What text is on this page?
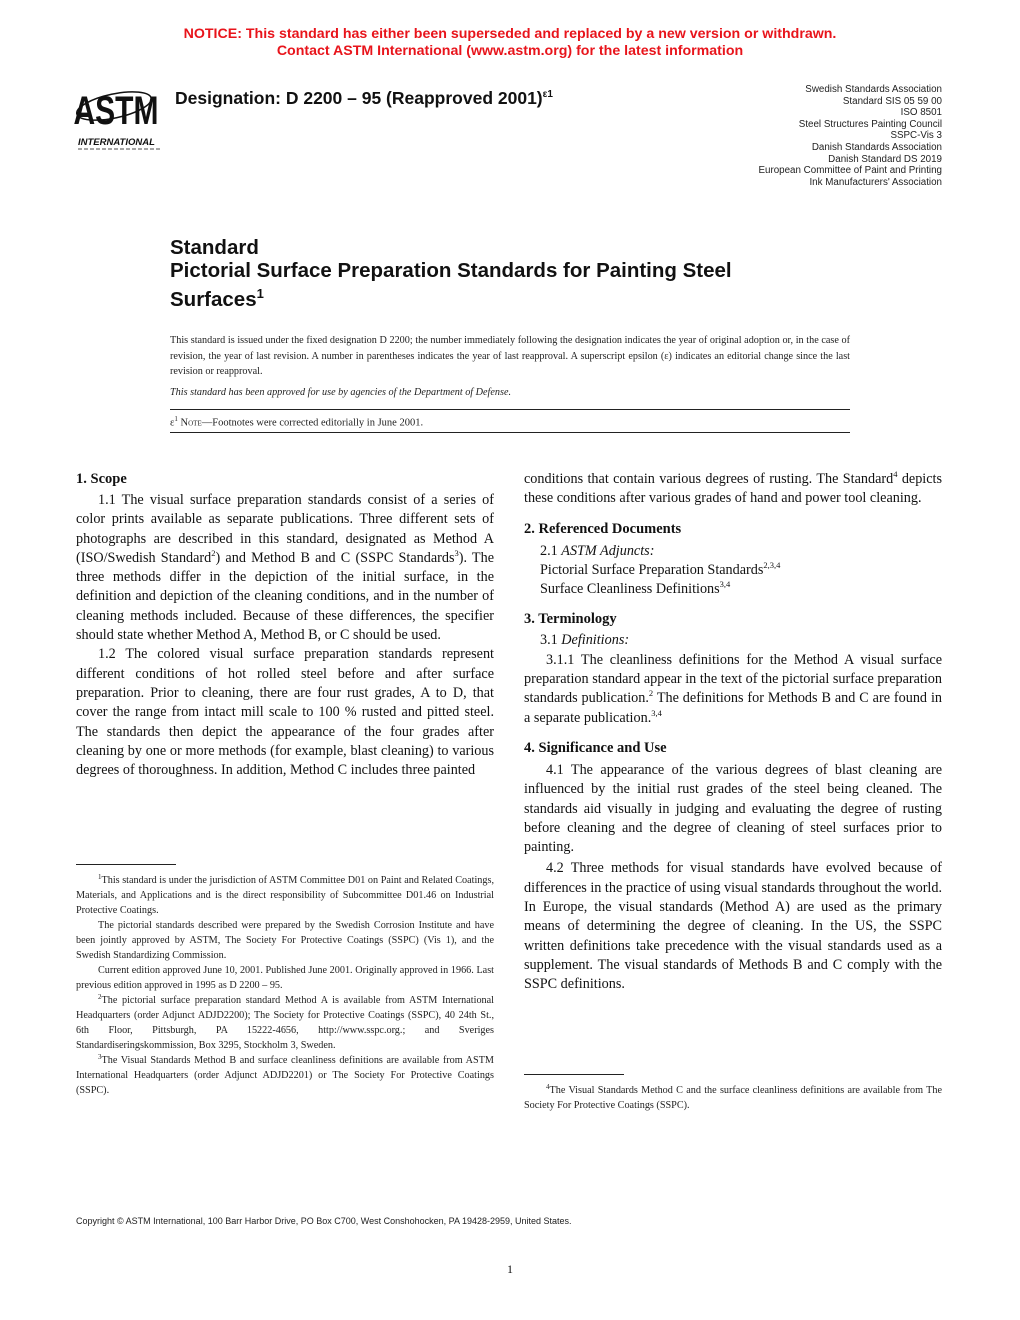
NOTICE: This standard has either been superseded and replaced by a new version or withdrawn.
Contact ASTM International (www.astm.org) for the latest information
ASTM
INTERNATIONAL
Designation: D 2200 – 95 (Reapproved 2001)$^{\varepsilon 1}$	Swedish Standards Association
Standard SIS 05 59 00
ISO 8501
Steel Structures Painting Council
SSPC-Vis 3
Danish Standards Association
Danish Standard DS 2019
European Committee of Paint and Printing
Ink Manufacturers' Association
Standard
Pictorial Surface Preparation Standards for Painting Steel
Surfaces$^1$
This standard is issued under the fixed designation D 2200; the number immediately following the designation indicates the year of original adoption or, in the case of revision, the year of last revision. A number in parentheses indicates the year of last reapproval. A superscript epsilon (ε) indicates an editorial change since the last revision or reapproval.
This standard has been approved for use by agencies of the Department of Defense.
$\varepsilon^1$ Note—Footnotes were corrected editorially in June 2001.
1. Scope

1.1 The visual surface preparation standards consist of a series of color prints available as separate publications. Three different sets of photographs are described in this standard, designated as Method A (ISO/Swedish Standard$^2$) and Method B and C (SSPC Standards$^3$). The three methods differ in the depiction of the initial surface, in the definition and depiction of the cleaning conditions, and in the number of cleaning methods included. Because of these differences, the specifier should state whether Method A, Method B, or C should be used.

1.2 The colored visual surface preparation standards represent different conditions of hot rolled steel before and after surface preparation. Prior to cleaning, there are four rust grades, A to D, that cover the range from intact mill scale to 100 % rusted and pitted steel. The standards then depict the appearance of the four grades after cleaning by one or more methods (for example, blast cleaning) to various degrees of thoroughness. In addition, Method C includes three painted

$^1$This standard is under the jurisdiction of ASTM Committee D01 on Paint and Related Coatings, Materials, and Applications and is the direct responsibility of Subcommittee D01.46 on Industrial Protective Coatings.

The pictorial standards described were prepared by the Swedish Corrosion Institute and have been jointly approved by ASTM, The Society For Protective Coatings (SSPC) (Vis 1), and the Swedish Standardizing Commission.

Current edition approved June 10, 2001. Published June 2001. Originally approved in 1966. Last previous edition approved in 1995 as D 2200 – 95.

$^2$The pictorial surface preparation standard Method A is available from ASTM International Headquarters (order Adjunct ADJD2200); The Society for Protective Coatings (SSPC), 40 24th St., 6th Floor, Pittsburgh, PA 15222-4656, http://www.sspc.org.; and Sveriges Standardiseringskommission, Box 3295, Stockholm 3, Sweden.

$^3$The Visual Standards Method B and surface cleanliness definitions are available from ASTM International Headquarters (order Adjunct ADJD2201) or The Society For Protective Coatings (SSPC).

conditions that contain various degrees of rusting. The Standard$^4$ depicts these conditions after various grades of hand and power tool cleaning.

2. Referenced Documents
2.1 ASTM Adjuncts:
Pictorial Surface Preparation Standards$^{2,3,4}$
Surface Cleanliness Definitions$^{3,4}$
3. Terminology
3.1 Definitions:

3.1.1 The cleanliness definitions for the Method A visual surface preparation standard appear in the text of the pictorial surface preparation standards publication.$^2$ The definitions for Methods B and C are found in a separate publication.$^{3,4}$

4. Significance and Use

4.1 The appearance of the various degrees of blast cleaning are influenced by the initial rust grades of the steel being cleaned. The standards aid visually in judging and evaluating the degree of rusting before cleaning and the degree of cleaning of steel surfaces prior to painting.

4.2 Three methods for visual standards have evolved because of differences in the practice of using visual standards throughout the world. In Europe, the visual standards (Method A) are used as the primary means of determining the degree of cleaning. In the US, the SSPC written definitions take precedence with the visual standards used as a supplement. The visual standards of Methods B and C comply with the SSPC definitions.

$^4$The Visual Standards Method C and the surface cleanliness definitions are available from The Society For Protective Coatings (SSPC).

Copyright © ASTM International, 100 Barr Harbor Drive, PO Box C700, West Conshohocken, PA 19428-2959, United States.
1
